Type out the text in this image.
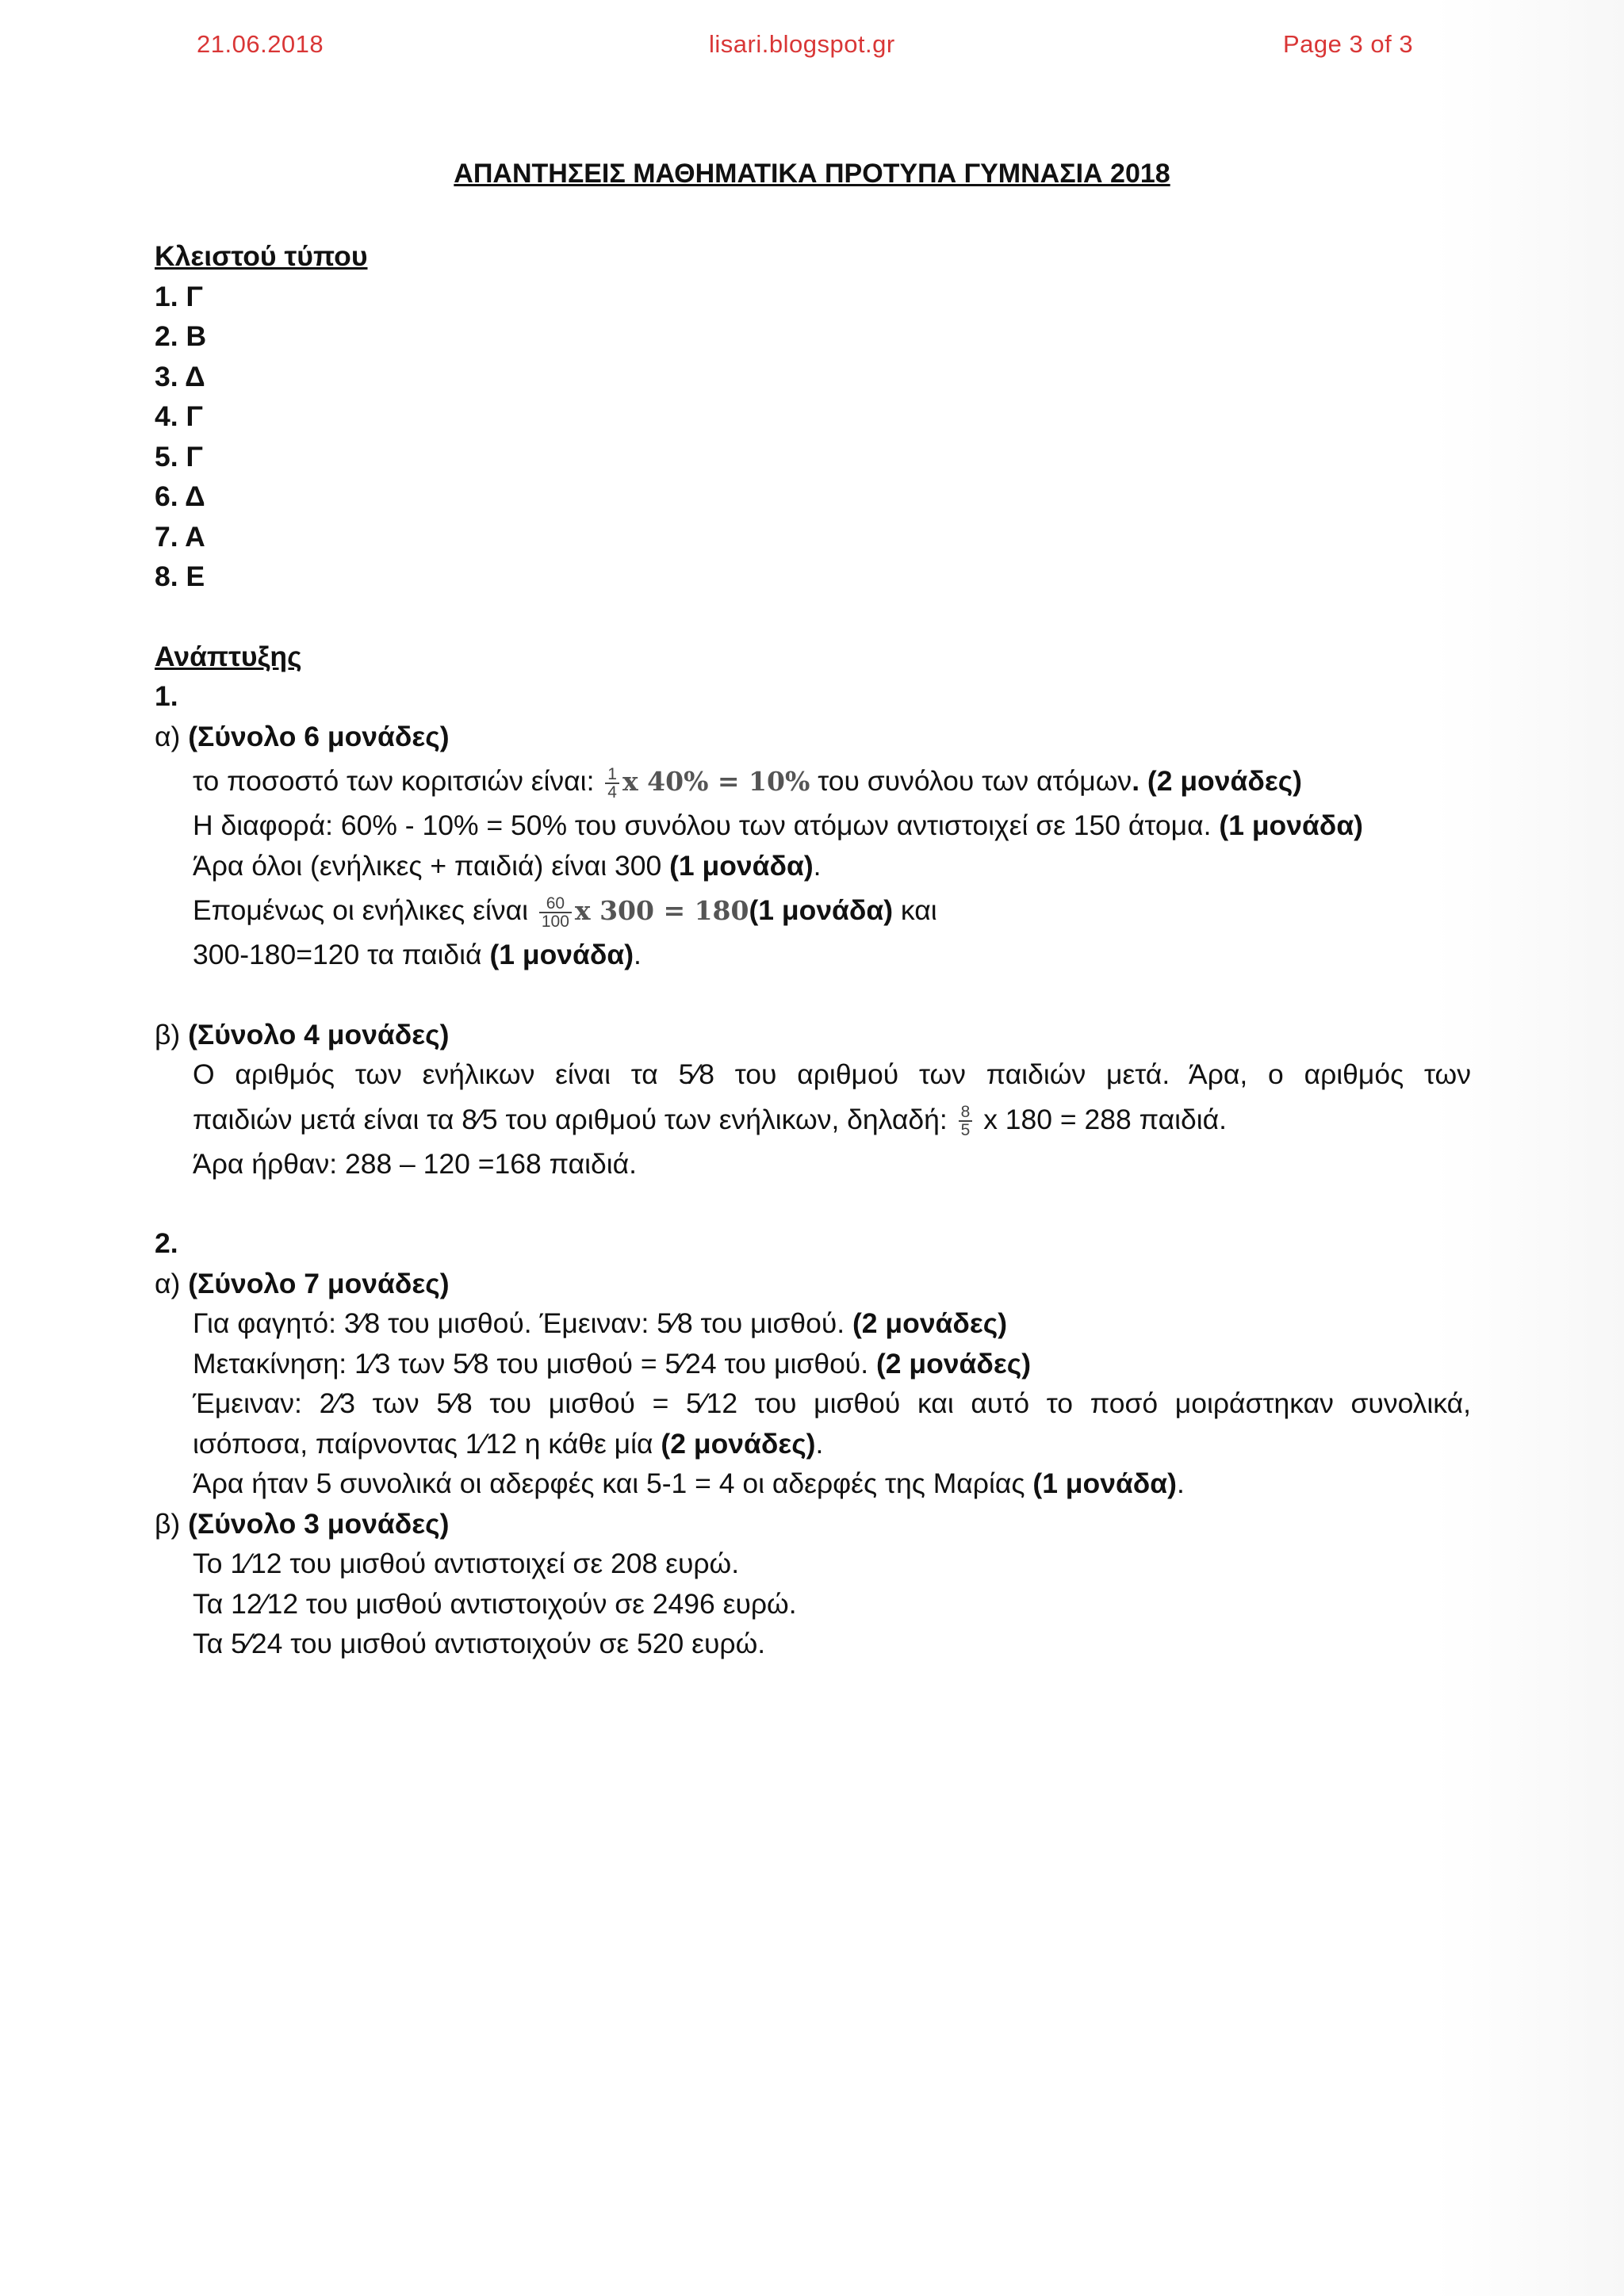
21.06.2018	lisari.blogspot.gr	Page 3 of 3
ΑΠΑΝΤΗΣΕΙΣ ΜΑΘΗΜΑΤΙΚΑ ΠΡΟΤΥΠΑ ΓΥΜΝΑΣΙΑ 2018
Κλειστού τύπου
1. Γ
2. Β
3. Δ
4. Γ
5. Γ
6. Δ
7. Α
8. Ε
Ανάπτυξης
1.
α) (Σύνολο 6 μονάδες)
το ποσοστό των κοριτσιών είναι: $\frac{1}{4}$ x 40% = 10% του συνόλου των ατόμων. (2 μονάδες)
Η διαφορά: 60% - 10% = 50% του συνόλου των ατόμων αντιστοιχεί σε 150 άτομα. (1 μονάδα)
Άρα όλοι (ενήλικες + παιδιά) είναι 300 (1 μονάδα).
Επομένως οι ενήλικες είναι $\frac{60}{100}$ x 300 = 180(1 μονάδα) και
300-180=120 τα παιδιά (1 μονάδα).
β) (Σύνολο 4 μονάδες)
Ο αριθμός των ενήλικων είναι τα 5⁄8 του αριθμού των παιδιών μετά. Άρα, ο αριθμός των
παιδιών μετά είναι τα 8⁄5 του αριθμού των ενήλικων, δηλαδή: $\frac{8}{5}$ x 180 = 288 παιδιά.
Άρα ήρθαν: 288 – 120 =168 παιδιά.
2.
α) (Σύνολο 7 μονάδες)
Για φαγητό: 3⁄8 του μισθού. Έμειναν: 5⁄8 του μισθού. (2 μονάδες)
Μετακίνηση: 1⁄3 των 5⁄8 του μισθού = 5⁄24 του μισθού. (2 μονάδες)
Έμειναν: 2⁄3 των 5⁄8 του μισθού = 5⁄12 του μισθού και αυτό το ποσό μοιράστηκαν συνολικά,
ισόποσα, παίρνοντας 1⁄12 η κάθε μία (2 μονάδες).
Άρα ήταν 5 συνολικά οι αδερφές και 5-1 = 4 οι αδερφές της Μαρίας (1 μονάδα).
β) (Σύνολο 3 μονάδες)
Το 1⁄12 του μισθού αντιστοιχεί σε 208 ευρώ.
Τα 12⁄12 του μισθού αντιστοιχούν σε 2496 ευρώ.
Τα 5⁄24 του μισθού αντιστοιχούν σε 520 ευρώ.
